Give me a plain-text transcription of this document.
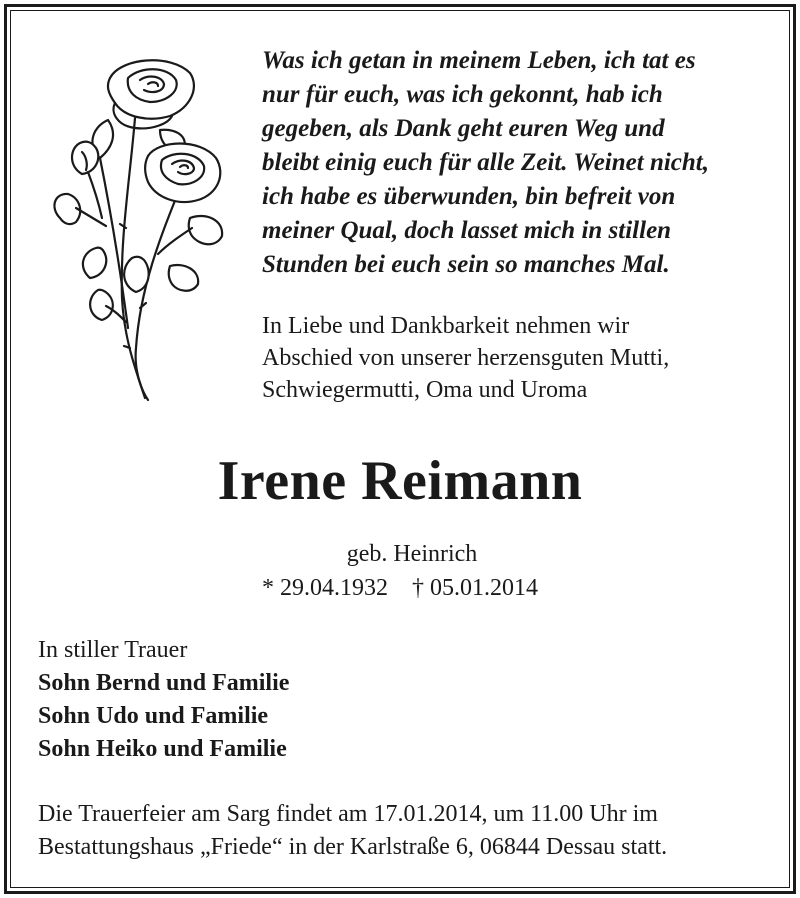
Was ich getan in meinem Leben, ich tat es
nur für euch, was ich gekonnt, hab ich
gegeben, als Dank geht euren Weg und
bleibt einig euch für alle Zeit. Weinet nicht,
ich habe es überwunden, bin befreit von
meiner Qual, doch lasset mich in stillen
Stunden bei euch sein so manches Mal.
In Liebe und Dankbarkeit nehmen wir
Abschied von unserer herzensguten Mutti,
Schwiegermutti, Oma und Uroma
Irene Reimann
geb. Heinrich
* 29.04.1932    † 05.01.2014
In stiller Trauer
Sohn Bernd und Familie
Sohn Udo und Familie
Sohn Heiko und Familie
Die Trauerfeier am Sarg findet am 17.01.2014, um 11.00 Uhr im
Bestattungshaus „Friede“ in der Karlstraße 6, 06844 Dessau statt.
